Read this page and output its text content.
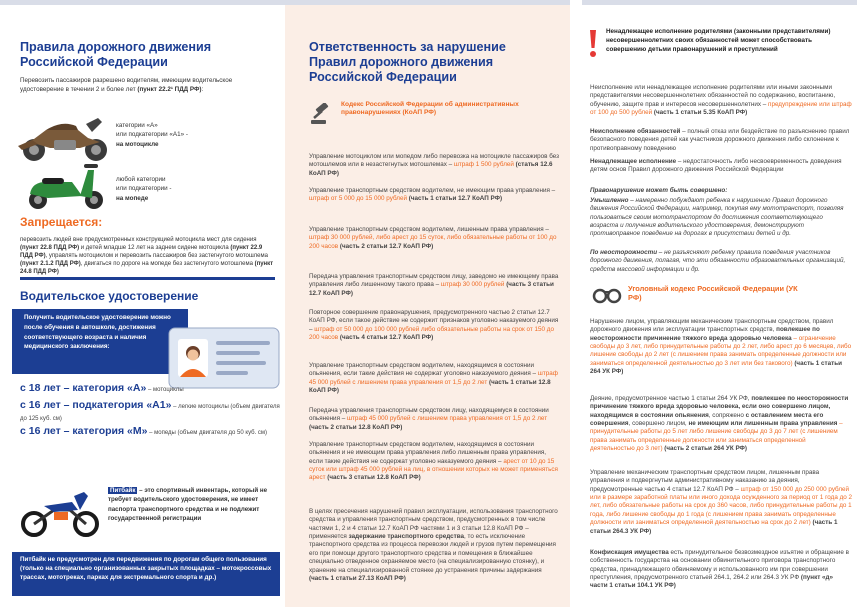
Правила дорожного движения Российской Федерации
Перевозить пассажиров разрешено водителям, имеющим водительское удостоверение в течении 2 и более лет (пункт 22.2¹ ПДД РФ):
категории «А»
или подкатегории «А1» -
на мотоцикле
любой категории
или подкатегории -
на мопеде
Запрещается:
перевозить людей вне предусмотренных конструкцией мотоцикла мест для сидения (пункт 22.8 ПДД РФ) и детей младше 12 лет на заднем сидене мотоцикла (пункт 22.9 ПДД РФ), управлять мотоциклом и перевозить пассажиров без застегнутого мотошлема (пункт 2.1.2 ПДД РФ), двигаться по дороге на мопеде без застегнутого мотошлема (пункт 24.8 ПДД РФ)
Водительское удостоверение
Получить водительское удостоверение можно после обучения в автошколе, достижения соответствующего возраста и наличия медицинского заключения:
с 18 лет – категория «А» – мотоциклы
с 16 лет – подкатегория «А1» – легкие мотоциклы (объем двигателя до 125 куб. см)
с 16 лет – категория «М» – мопеды (объем двигателя до 50 куб. см)
Питбайк – это спортивный инвентарь, который не требует водительского удостоверения, не имеет паспорта транспортного средства и не подлежит государственной регистрации
Питбайк не предусмотрен для передвижения по дорогам общего пользования (только на специально организованных закрытых площадках – мотокроссовых трассах, мототреках, парках для экстремального спорта и др.)
Ответственность за нарушение Правил дорожного движения Российской Федерации
Кодекс Российской Федерации об административных правонарушениях (КоАП РФ)
Управление мотоциклом или мопедом либо перевозка на мотоцикле пассажиров без мотошлемов или в незастегнутых мотошлемах – штраф 1 500 рублей (статья 12.6 КоАП РФ)
Управление транспортным средством водителем, не имеющим права управления – штраф от 5 000 до 15 000 рублей (часть 1 статьи 12.7 КоАП РФ)
Управление транспортным средством водителем, лишенным права управления – штраф 30 000 рублей, либо арест до 15 суток, либо обязательные работы от 100 до 200 часов (часть 2 статьи 12.7 КоАП РФ)
Передача управления транспортным средством лицу, заведомо не имеющему права управления либо лишенному такого права – штраф 30 000 рублей (часть 3 статьи 12.7 КоАП РФ)
Повторное совершение правонарушения, предусмотренного частью 2 статьи 12.7 КоАП РФ, если такое действие не содержит признаков уголовно наказуемого деяния – штраф от 50 000 до 100 000 рублей либо обязательные работы на срок от 150 до 200 часов (часть 4 статьи 12.7 КоАП РФ)
Управление транспортным средством водителем, находящимся в состоянии опьянения, если такие действия не содержат уголовно наказуемого деяния – штраф 45 000 рублей с лишением права управления от 1,5 до 2 лет (часть 1 статьи 12.8 КоАП РФ)
Передача управления транспортным средством лицу, находящемуся в состоянии опьянения – штраф 45 000 рублей с лишением права управления от 1,5 до 2 лет (часть 2 статьи 12.8 КоАП РФ)
Управление транспортным средством водителем, находящимся в состоянии опьянения и не имеющим права управления либо лишенным права управления, если такие действия не содержат уголовно наказуемого деяния – арест от 10 до 15 суток или штраф 45 000 рублей на лиц, в отношении которых не может применяться арест (часть 3 статьи 12.8 КоАП РФ)
В целях пресечения нарушений правил эксплуатации, использования транспортного средства и управления транспортным средством, предусмотренных в том числе частями 1, 2 и 4 статьи 12.7 КоАП РФ частями 1 и 3 статьи 12.8 КоАП РФ – применяется задержание транспортного средства, то есть исключение транспортного средства из процесса перевозки людей и грузов путем перемещения его при помощи другого транспортного средства и помещения в ближайшее специально отведенное охраняемое место (на специализированную стоянку), и хранение на специализированной стоянке до устранения причины задержания (часть 1 статьи 27.13 КоАП РФ)
Ненадлежащее исполнение родителями (законными представителями) несовершеннолетних своих обязанностей может способствовать совершению детьми правонарушений и преступлений
Неисполнение или ненадлежащее исполнение родителями или иными законными представителями несовершеннолетних обязанностей по содержанию, воспитанию, обучению, защите прав и интересов несовершеннолетних – предупреждение или штраф от 100 до 500 рублей (часть 1 статьи 5.35 КоАП РФ)
Неисполнение обязанностей – полный отказ или бездействие по разъяснению правил безопасного поведения детей как участников дорожного движения либо склонение к противоправному поведению
Ненадлежащее исполнение – недостаточность либо несвоевременность доведения детям основ Правил дорожного движения Российской Федерации
Правонарушение может быть совершено:
Умышленно – намеренно побуждают ребенка к нарушению Правил дорожного движения Российской Федерации, например, покупая ему мототранспорт, позволяя пользоваться своим мототранспортом до достижения соответствующего возраста и получения водительского удостоверения, демонстрируют противоправное поведение на дорогах в присутствии детей и др.
По неосторожности – не разъясняют ребенку правила поведения участников дорожного движения, полагая, что эти обязанности образовательных организаций, средств массовой информации и др.
Уголовный кодекс Российской Федерации (УК РФ)
Нарушение лицом, управляющим механическим транспортным средством, правил дорожного движения или эксплуатации транспортных средств, повлекшее по неосторожности причинение тяжкого вреда здоровью человека – ограничение свободы до 3 лет, либо принудительные работы до 2 лет, либо арест до 6 месяцев, либо лишение свободы до 2 лет (с лишением права занимать определенные должности или заниматься определенной деятельностью до 3 лет или без такового) (часть 1 статьи 264 УК РФ)
Деяние, предусмотренное частью 1 статьи 264 УК РФ, повлекшее по неосторожности причинение тяжкого вреда здоровью человека, если оно совершено лицом, находящимся в состоянии опьянения, сопряжено с оставлением места его совершения, совершено лицом, не имеющим или лишенным права управления – принудительные работы до 5 лет либо лишение свободы до 3 до 7 лет (с лишением права занимать определенные должности или заниматься определенной деятельностью до 3 лет) (часть 2 статьи 264 УК РФ)
Управление механическим транспортным средством лицом, лишенным права управления и подвергнутым административному наказанию за деяния, предусмотренные частью 4 статьи 12.7 КоАП РФ – штраф от 150 000 до 250 000 рублей или в размере заработной платы или иного дохода осужденного за период от 1 года до 2 лет, либо обязательные работы на срок до 360 часов, либо принудительные работы до 1 года, либо лишение свободы до 1 года (с лишением права занимать определенные должности или заниматься определенной деятельностью на срок до 2 лет) (часть 1 статьи 264.3 УК РФ)
Конфискация имущества есть принудительное безвозмездное изъятие и обращение в собственность государства на основании обвинительного приговора транспортного средства, принадлежащего обвиняемому и использованного им при совершении преступления, предусмотренного статьей 264.1, 264.2 или 264.3 УК РФ (пункт «д» части 1 статьи 104.1 УК РФ)
